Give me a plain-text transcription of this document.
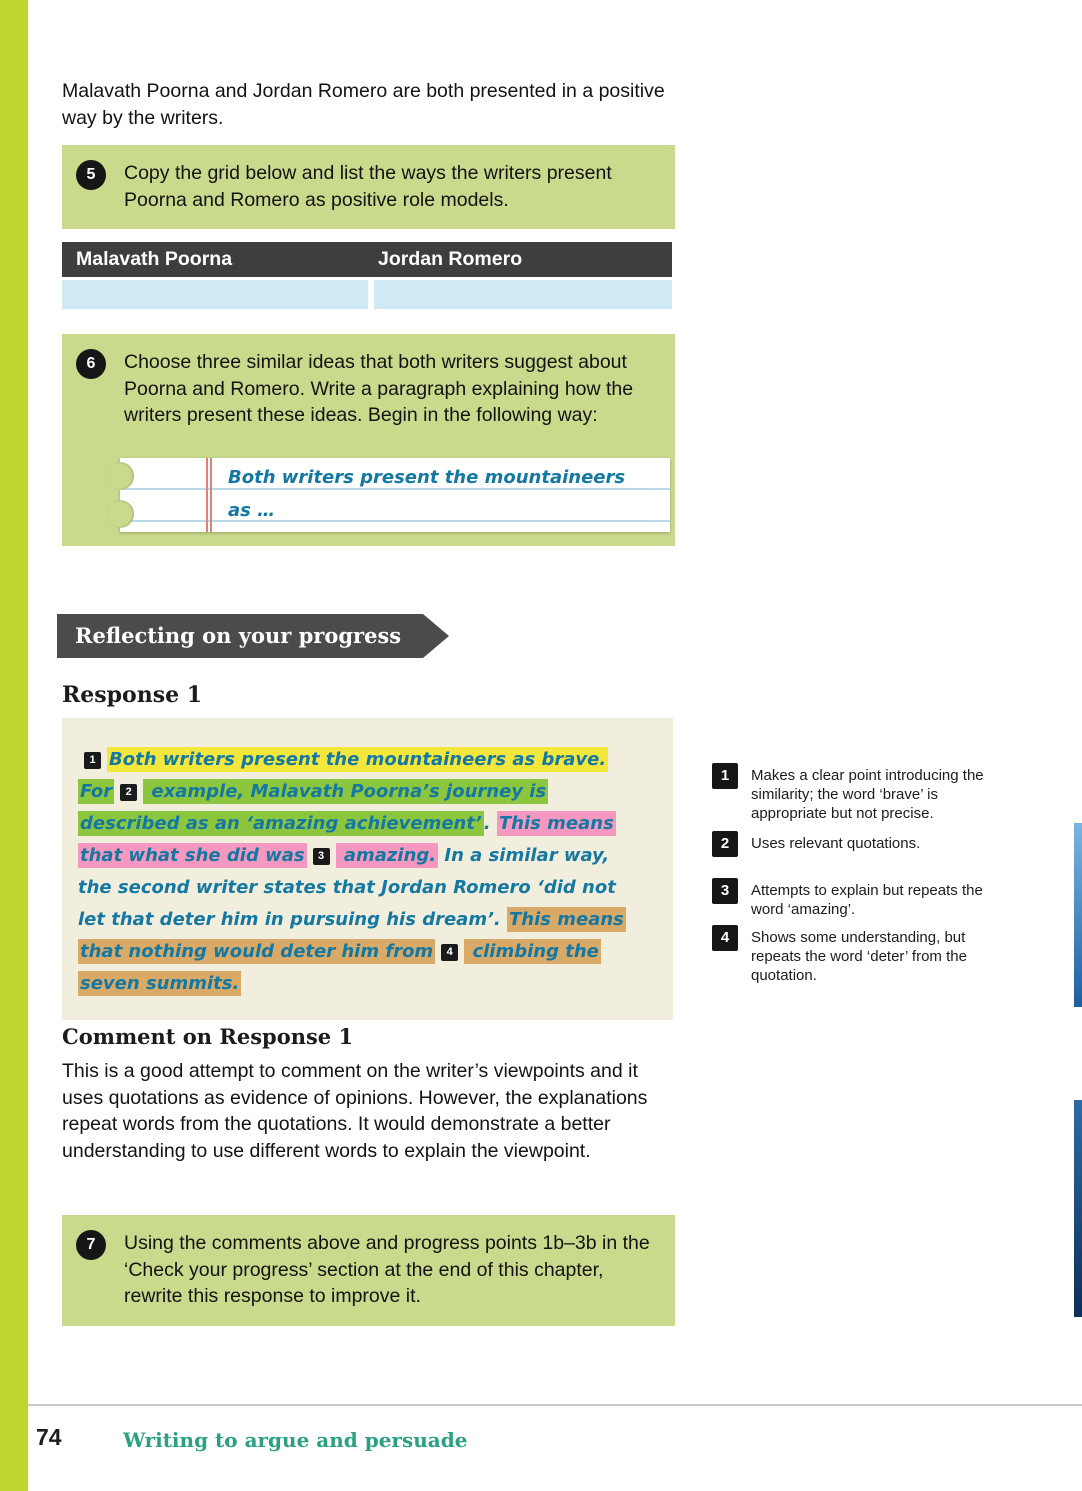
Malavath Poorna and Jordan Romero are both presented in a positive way by the writers.

5	Copy the grid below and list the ways the writers present Poorna and Romero as positive role models.
Malavath Poorna	Jordan Romero
6	Choose three similar ideas that both writers suggest about Poorna and Romero. Write a paragraph explaining how the writers present these ideas. Begin in the following way:
Both writers present the mountaineers as …
Reflecting on your progress
Response 1

1 Both writers present the mountaineers as brave. For 2 example, Malavath Poorna’s journey is described as an ‘amazing achievement’ . This means that what she did was 3 amazing. In a similar way, the second writer states that Jordan Romero ‘did not let that deter him in pursuing his dream’. This means that nothing would deter him from 4 climbing the seven summits.

1	Makes a clear point introducing the similarity; the word ‘brave’ is appropriate but not precise.
2	Uses relevant quotations.
3	Attempts to explain but repeats the word ‘amazing’.
4	Shows some understanding, but repeats the word ‘deter’ from the quotation.
Comment on Response 1

This is a good attempt to comment on the writer’s viewpoints and it uses quotations as evidence of opinions. However, the explanations repeat words from the quotations. It would demonstrate a better understanding to use different words to explain the viewpoint.

7	Using the comments above and progress points 1b–3b in the ‘Check your progress’ section at the end of this chapter, rewrite this response to improve it.
74	Writing to argue and persuade
